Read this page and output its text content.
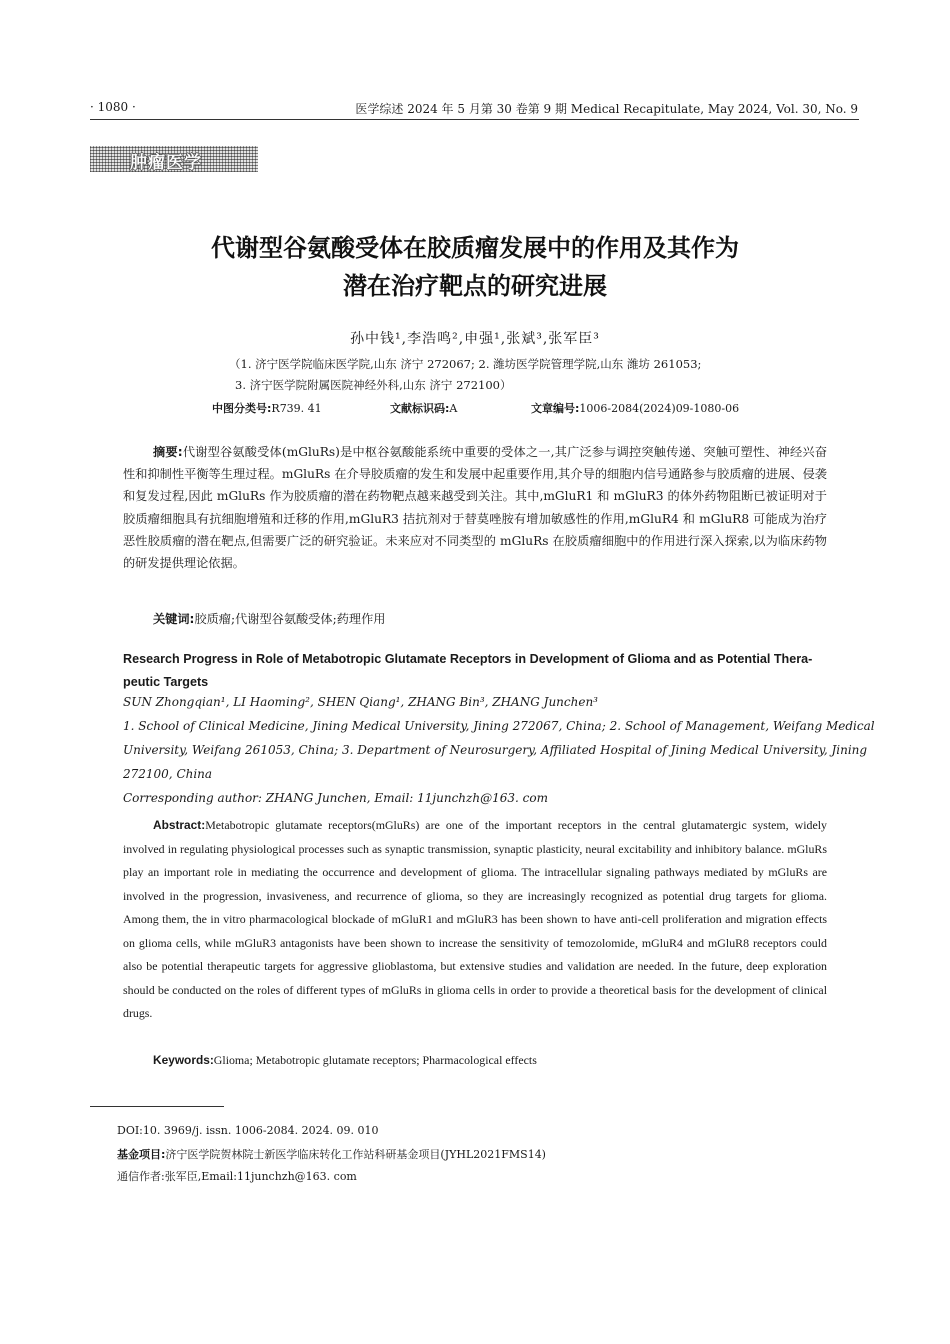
· 1080 ·	医学综述 2024 年 5 月第 30 卷第 9 期 Medical Recapitulate, May 2024, Vol. 30, No. 9
肿瘤医学
代谢型谷氨酸受体在胶质瘤发展中的作用及其作为
潜在治疗靶点的研究进展
孙中钱¹,李浩鸣²,申强¹,张斌³,张军臣³
（1. 济宁医学院临床医学院,山东 济宁 272067; 2. 潍坊医学院管理学院,山东 潍坊 261053;
3. 济宁医学院附属医院神经外科,山东 济宁 272100）
中图分类号:R739. 41	文献标识码:A	文章编号:1006-2084(2024)09-1080-06
摘要:代谢型谷氨酸受体(mGluRs)是中枢谷氨酸能系统中重要的受体之一,其广泛参与调控突触传递、突触可塑性、神经兴奋性和抑制性平衡等生理过程。mGluRs 在介导胶质瘤的发生和发展中起重要作用,其介导的细胞内信号通路参与胶质瘤的进展、侵袭和复发过程,因此 mGluRs 作为胶质瘤的潜在药物靶点越来越受到关注。其中,mGluR1 和 mGluR3 的体外药物阻断已被证明对于胶质瘤细胞具有抗细胞增殖和迁移的作用,mGluR3 拮抗剂对于替莫唑胺有增加敏感性的作用,mGluR4 和 mGluR8 可能成为治疗恶性胶质瘤的潜在靶点,但需要广泛的研究验证。未来应对不同类型的 mGluRs 在胶质瘤细胞中的作用进行深入探索,以为临床药物的研发提供理论依据。
关键词:胶质瘤;代谢型谷氨酸受体;药理作用
Research Progress in Role of Metabotropic Glutamate Receptors in Development of Glioma and as Potential Thera-
peutic Targets
SUN Zhongqian¹, LI Haoming², SHEN Qiang¹, ZHANG Bin³, ZHANG Junchen³
1. School of Clinical Medicine, Jining Medical University, Jining 272067, China; 2. School of Management, Weifang Medical
University, Weifang 261053, China; 3. Department of Neurosurgery, Affiliated Hospital of Jining Medical University, Jining
272100, China
Corresponding author: ZHANG Junchen, Email: 11junchzh@163. com
Abstract:Metabotropic glutamate receptors(mGluRs) are one of the important receptors in the central glutamatergic system, widely involved in regulating physiological processes such as synaptic transmission, synaptic plasticity, neural excitability and inhibitory balance. mGluRs play an important role in mediating the occurrence and development of glioma. The intracellular signaling pathways mediated by mGluRs are involved in the progression, invasiveness, and recurrence of glioma, so they are increasingly recognized as potential drug targets for glioma. Among them, the in vitro pharmacological blockade of mGluR1 and mGluR3 has been shown to have anti-cell proliferation and migration effects on glioma cells, while mGluR3 antagonists have been shown to increase the sensitivity of temozolomide, mGluR4 and mGluR8 receptors could also be potential therapeutic targets for aggressive glioblastoma, but extensive studies and validation are needed. In the future, deep exploration should be conducted on the roles of different types of mGluRs in glioma cells in order to provide a theoretical basis for the development of clinical drugs.
Keywords:Glioma; Metabotropic glutamate receptors; Pharmacological effects
DOI:10. 3969/j. issn. 1006-2084. 2024. 09. 010
基金项目:济宁医学院贺林院士新医学临床转化工作站科研基金项目(JYHL2021FMS14)
通信作者:张军臣,Email:11junchzh@163. com
